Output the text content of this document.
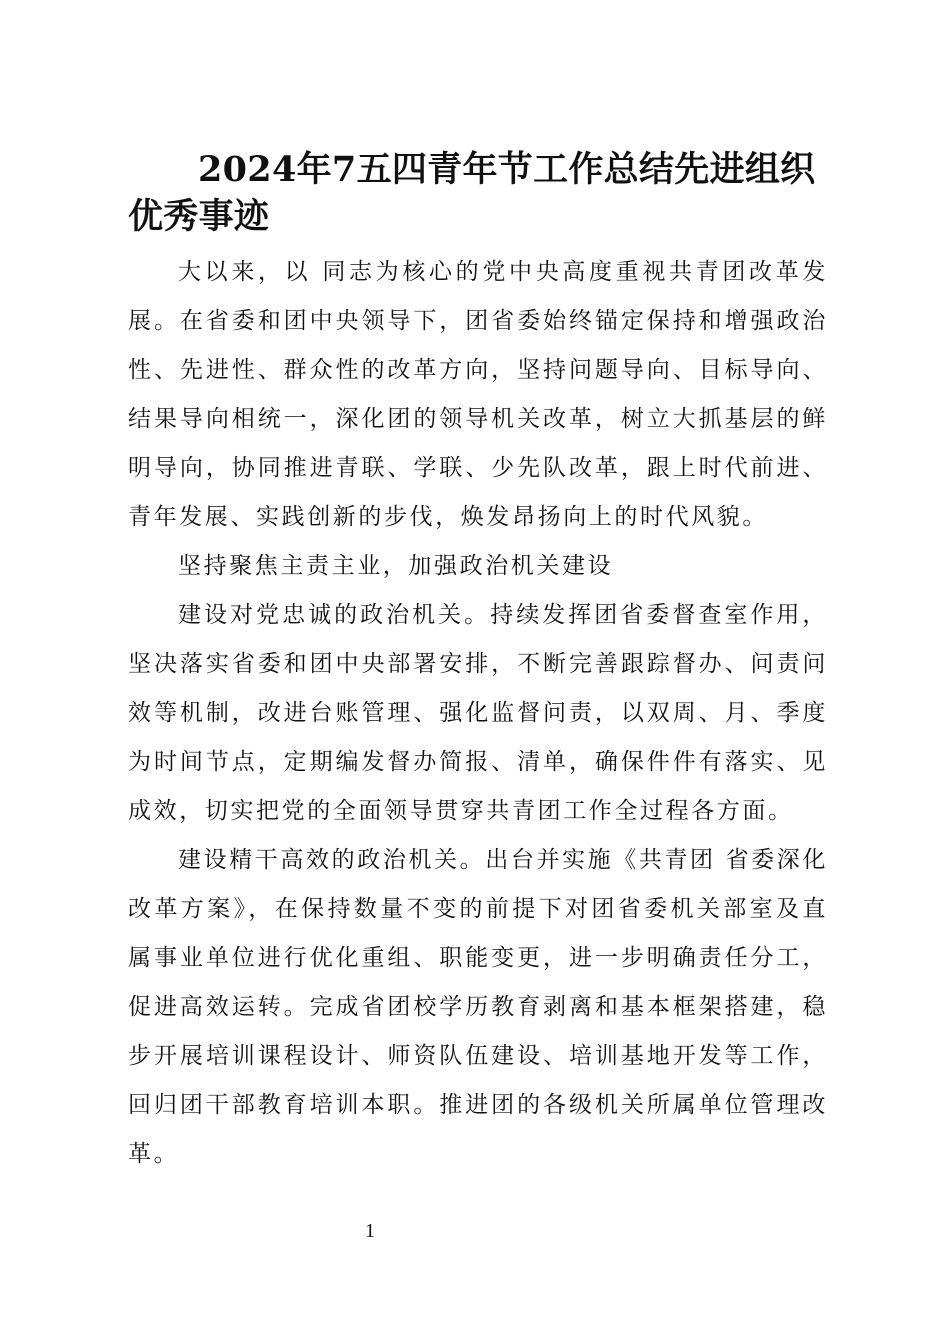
2024年7五四青年节工作总结先进组织优秀事迹

大以来，以 同志为核心的党中央高度重视共青团改革发展。在省委和团中央领导下，团省委始终锚定保持和增强政治性、先进性、群众性的改革方向，坚持问题导向、目标导向、结果导向相统一，深化团的领导机关改革，树立大抓基层的鲜明导向，协同推进青联、学联、少先队改革，跟上时代前进、青年发展、实践创新的步伐，焕发昂扬向上的时代风貌。

坚持聚焦主责主业，加强政治机关建设

建设对党忠诚的政治机关。持续发挥团省委督查室作用，坚决落实省委和团中央部署安排，不断完善跟踪督办、问责问效等机制，改进台账管理、强化监督问责，以双周、月、季度为时间节点，定期编发督办简报、清单，确保件件有落实、见成效，切实把党的全面领导贯穿共青团工作全过程各方面。

建设精干高效的政治机关。出台并实施《共青团 省委深化改革方案》，在保持数量不变的前提下对团省委机关部室及直属事业单位进行优化重组、职能变更，进一步明确责任分工，促进高效运转。完成省团校学历教育剥离和基本框架搭建，稳步开展培训课程设计、师资队伍建设、培训基地开发等工作，回归团干部教育培训本职。推进团的各级机关所属单位管理改革。

1
